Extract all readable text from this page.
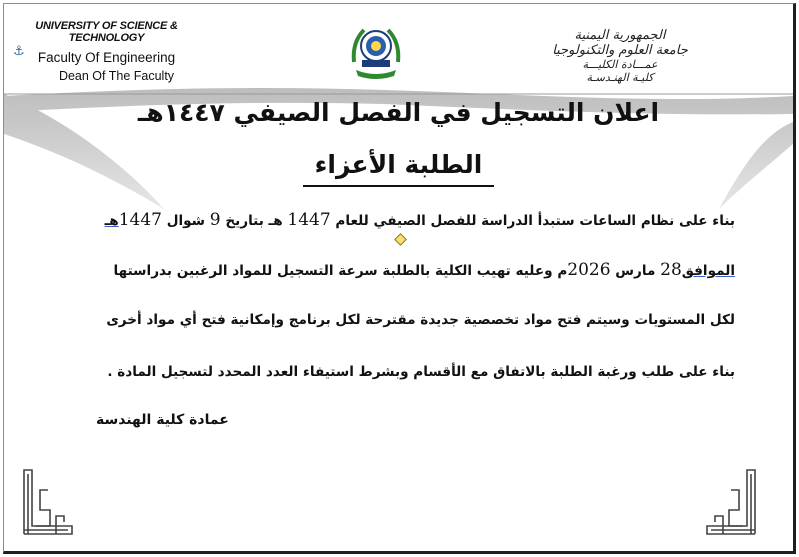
⚓
UNIVERSITY OF SCIENCE & TECHNOLOGY
Faculty Of Engineering
Dean Of The Faculty
الجمهورية اليمنية
جامعة العلوم والتكنولوجيا
عمـــادة الكليـــة
كليـة الهنـدسـة
اعلان التسجيل في الفصل الصيفي ١٤٤٧هـ
الطلبة الأعزاء
بناء على نظام الساعات ستبدأ الدراسة للفصل الصيفي للعام 1447 هـ بتاريخ 9 شوال 1447هـ
الموافق28 مارس 2026م وعليه تهيب الكلية بالطلبة سرعة التسجيل للمواد الرغبين بدراستها
لكل المستويات وسيتم فتح مواد تخصصية جديدة مقترحة لكل برنامج وإمكانية فتح أي مواد أخرى
بناء على طلب ورغبة الطلبة بالاتفاق مع الأقسام وبشرط استيفاء العدد المحدد لتسجيل المادة .
عمادة كلية الهندسة
